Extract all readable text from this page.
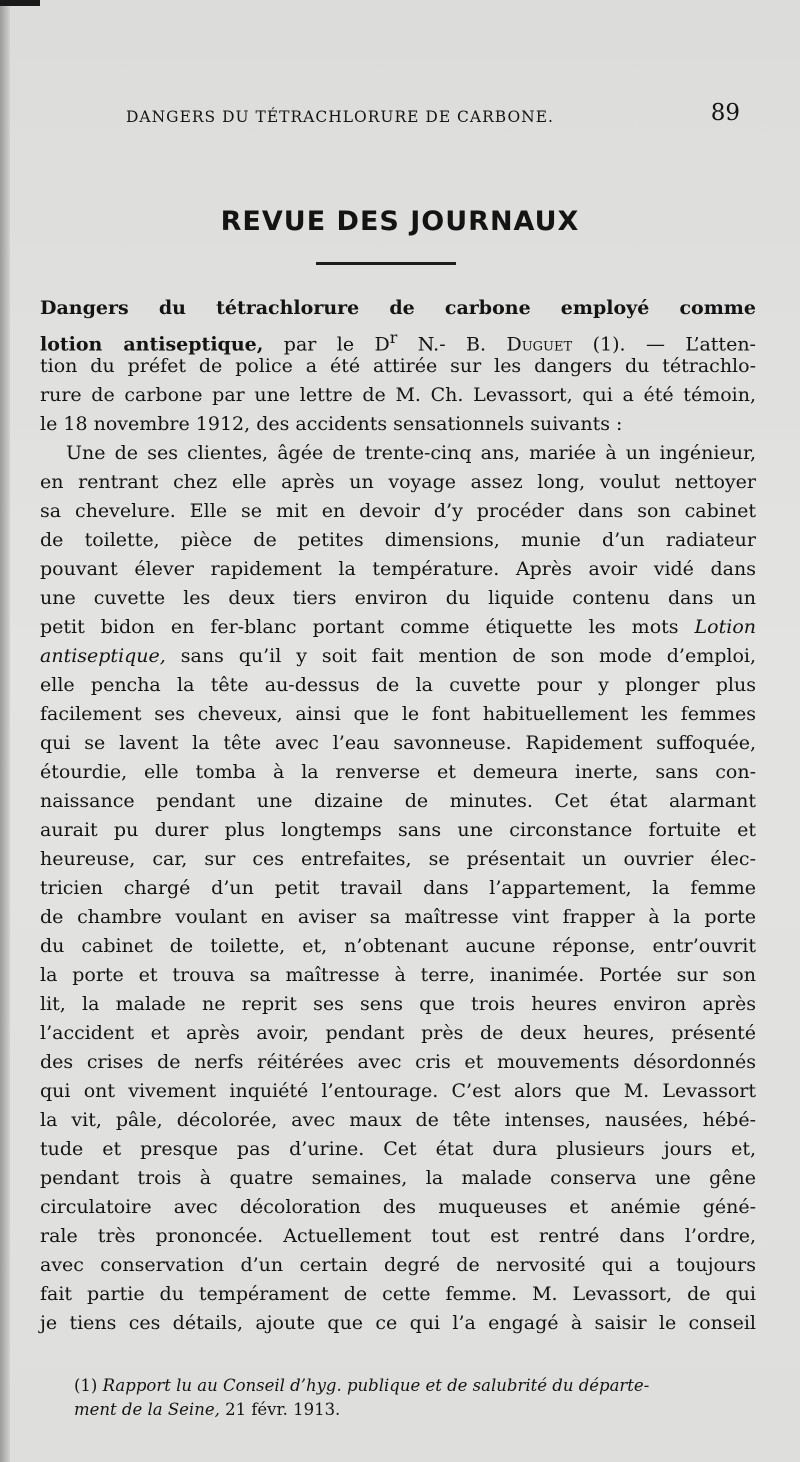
DANGERS DU TÉTRACHLORURE DE CARBONE.	89
REVUE DES JOURNAUX
Dangers du tétrachlorure de carbone employé comme
lotion antiseptique, par le $D^r$ N.- B. Duguet (1). — L’atten-
tion du préfet de police a été attirée sur les dangers du tétrachlo-
rure de carbone par une lettre de M. Ch. Levassort, qui a été témoin,
le 18 novembre 1912, des accidents sensationnels suivants :
Une de ses clientes, âgée de trente-cinq ans, mariée à un ingénieur,
en rentrant chez elle après un voyage assez long, voulut nettoyer
sa chevelure. Elle se mit en devoir d’y procéder dans son cabinet
de toilette, pièce de petites dimensions, munie d’un radiateur
pouvant élever rapidement la température. Après avoir vidé dans
une cuvette les deux tiers environ du liquide contenu dans un
petit bidon en fer-blanc portant comme étiquette les mots Lotion
antiseptique, sans qu’il y soit fait mention de son mode d’emploi,
elle pencha la tête au-dessus de la cuvette pour y plonger plus
facilement ses cheveux, ainsi que le font habituellement les femmes
qui se lavent la tête avec l’eau savonneuse. Rapidement suffoquée,
étourdie, elle tomba à la renverse et demeura inerte, sans con-
naissance pendant une dizaine de minutes. Cet état alarmant
aurait pu durer plus longtemps sans une circonstance fortuite et
heureuse, car, sur ces entrefaites, se présentait un ouvrier élec-
tricien chargé d’un petit travail dans l’appartement, la femme
de chambre voulant en aviser sa maîtresse vint frapper à la porte
du cabinet de toilette, et, n’obtenant aucune réponse, entr’ouvrit
la porte et trouva sa maîtresse à terre, inanimée. Portée sur son
lit, la malade ne reprit ses sens que trois heures environ après
l’accident et après avoir, pendant près de deux heures, présenté
des crises de nerfs réitérées avec cris et mouvements désordonnés
qui ont vivement inquiété l’entourage. C’est alors que M. Levassort
la vit, pâle, décolorée, avec maux de tête intenses, nausées, hébé-
tude et presque pas d’urine. Cet état dura plusieurs jours et,
pendant trois à quatre semaines, la malade conserva une gêne
circulatoire avec décoloration des muqueuses et anémie géné-
rale très prononcée. Actuellement tout est rentré dans l’ordre,
avec conservation d’un certain degré de nervosité qui a toujours
fait partie du tempérament de cette femme. M. Levassort, de qui
je tiens ces détails, ajoute que ce qui l’a engagé à saisir le conseil
(1) Rapport lu au Conseil d’hyg. publique et de salubrité du départe-
ment de la Seine, 21 févr. 1913.
